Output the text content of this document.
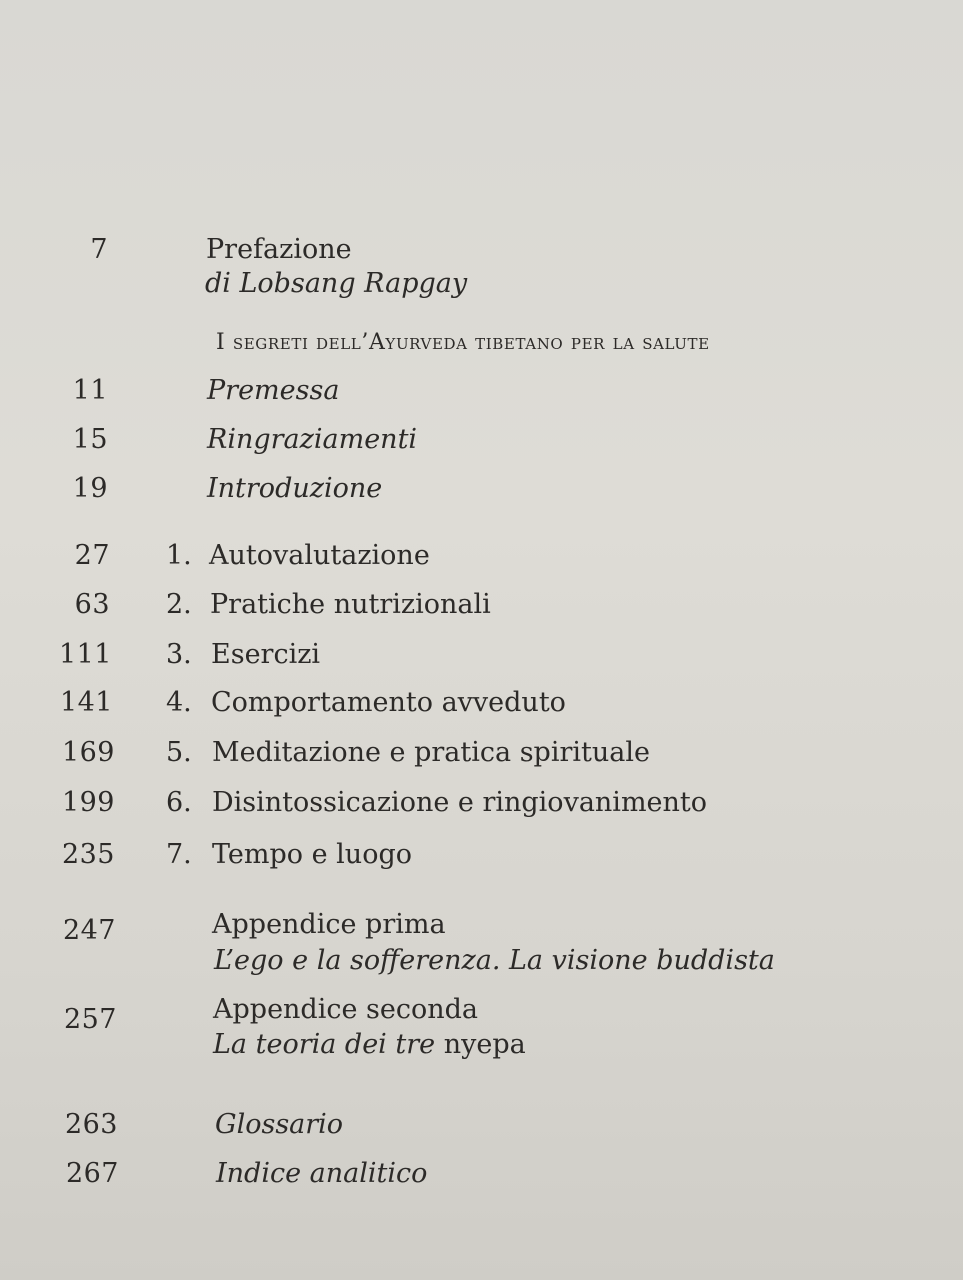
7	Prefazione
di Lobsang Rapgay
I segreti dell’Ayurveda tibetano per la salute
11	Premessa
15	Ringraziamenti
19	Introduzione
27 1. Autovalutazione
63 2. Pratiche nutrizionali
111 3. Esercizi
141 4. Comportamento avveduto
169 5. Meditazione e pratica spirituale
199 6. Disintossicazione e ringiovanimento
235 7. Tempo e luogo
247	Appendice prima
L’ego e la sofferenza. La visione buddista
257	Appendice seconda
La teoria dei tre nyepa
263	Glossario
267	Indice analitico
